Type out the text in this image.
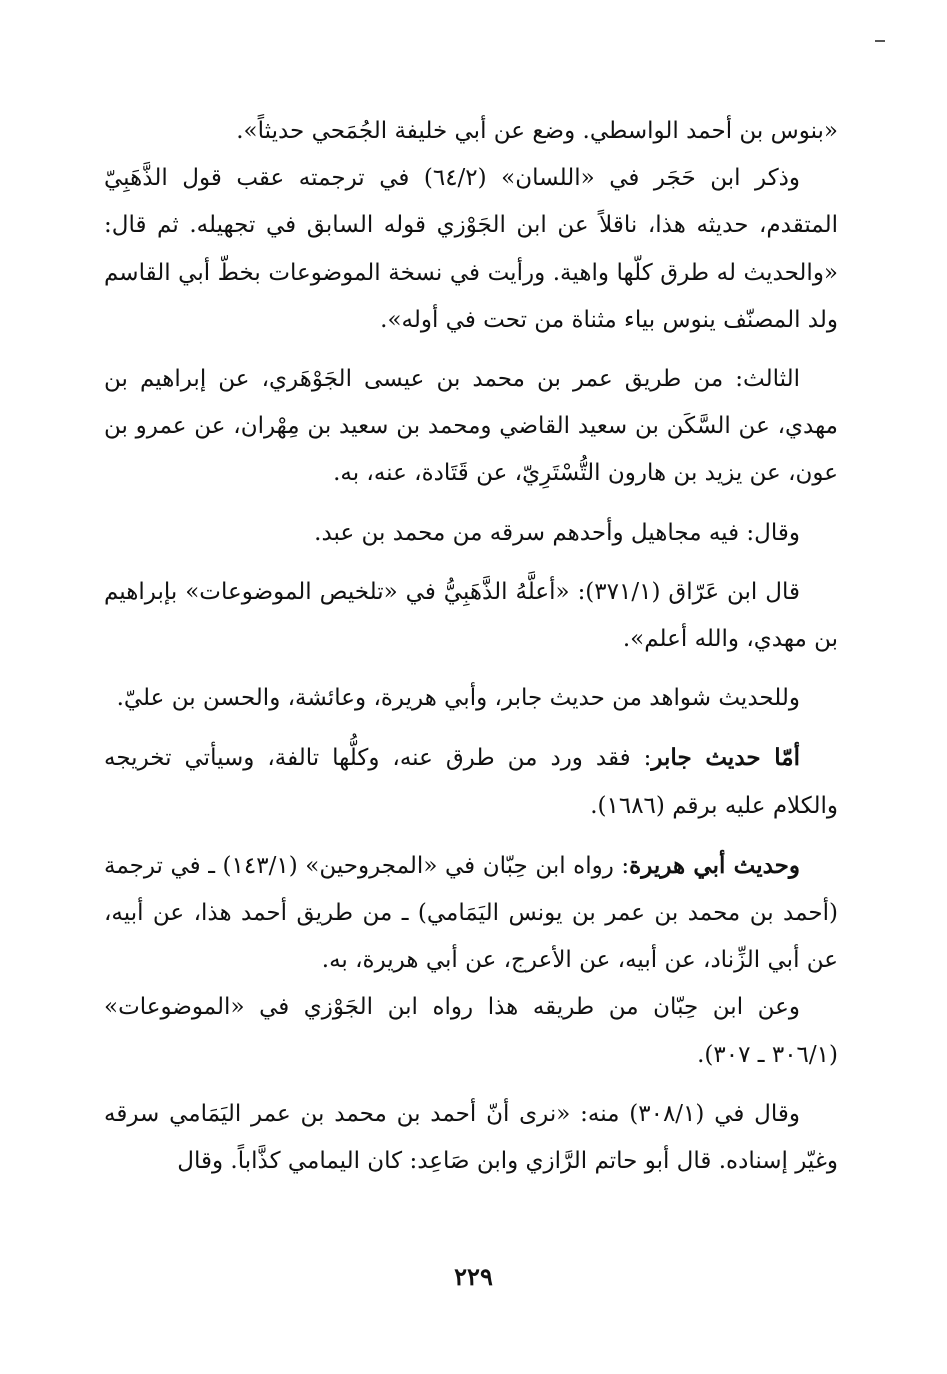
«بنوس بن أحمد الواسطي. وضع عن أبي خليفة الجُمَحي حديثاً».

وذكر ابن حَجَر في «اللسان» (٦٤/٢) في ترجمته عقب قول الذَّهَبِيّ المتقدم، حديثه هذا، ناقلاً عن ابن الجَوْزي قوله السابق في تجهيله. ثم قال: «والحديث له طرق كلّها واهية. ورأيت في نسخة الموضوعات بخطّ أبي القاسم ولد المصنّف ينوس بياء مثناة من تحت في أوله».

الثالث: من طريق عمر بن محمد بن عيسى الجَوْهَري، عن إبراهيم بن مهدي، عن السَّكَن بن سعيد القاضي ومحمد بن سعيد بن مِهْران، عن عمرو بن عون، عن يزيد بن هارون التُّسْتَرِيّ، عن قَتَادة، عنه، به.

وقال: فيه مجاهيل وأحدهم سرقه من محمد بن عبد.

قال ابن عَرّاق (٣٧١/١): «أعلَّهُ الذَّهَبِيُّ في «تلخيص الموضوعات» بإبراهيم بن مهدي، والله أعلم».

وللحديث شواهد من حديث جابر، وأبي هريرة، وعائشة، والحسن بن عليّ.

أمّا حديث جابر: فقد ورد من طرق عنه، وكلُّها تالفة، وسيأتي تخريجه والكلام عليه برقم (١٦٨٦).

وحديث أبي هريرة: رواه ابن حِبّان في «المجروحين» (١٤٣/١) ـ في ترجمة (أحمد بن محمد بن عمر بن يونس اليَمَامي) ـ من طريق أحمد هذا، عن أبيه، عن أبي الزِّناد، عن أبيه، عن الأعرج، عن أبي هريرة، به.

وعن ابن حِبّان من طريقه هذا رواه ابن الجَوْزي في «الموضوعات» (٣٠٦/١ ـ ٣٠٧).

وقال في (٣٠٨/١) منه: «نرى أنّ أحمد بن محمد بن عمر اليَمَامي سرقه وغيّر إسناده. قال أبو حاتم الرَّازي وابن صَاعِد: كان اليمامي كذَّاباً. وقال

٢٢٩
